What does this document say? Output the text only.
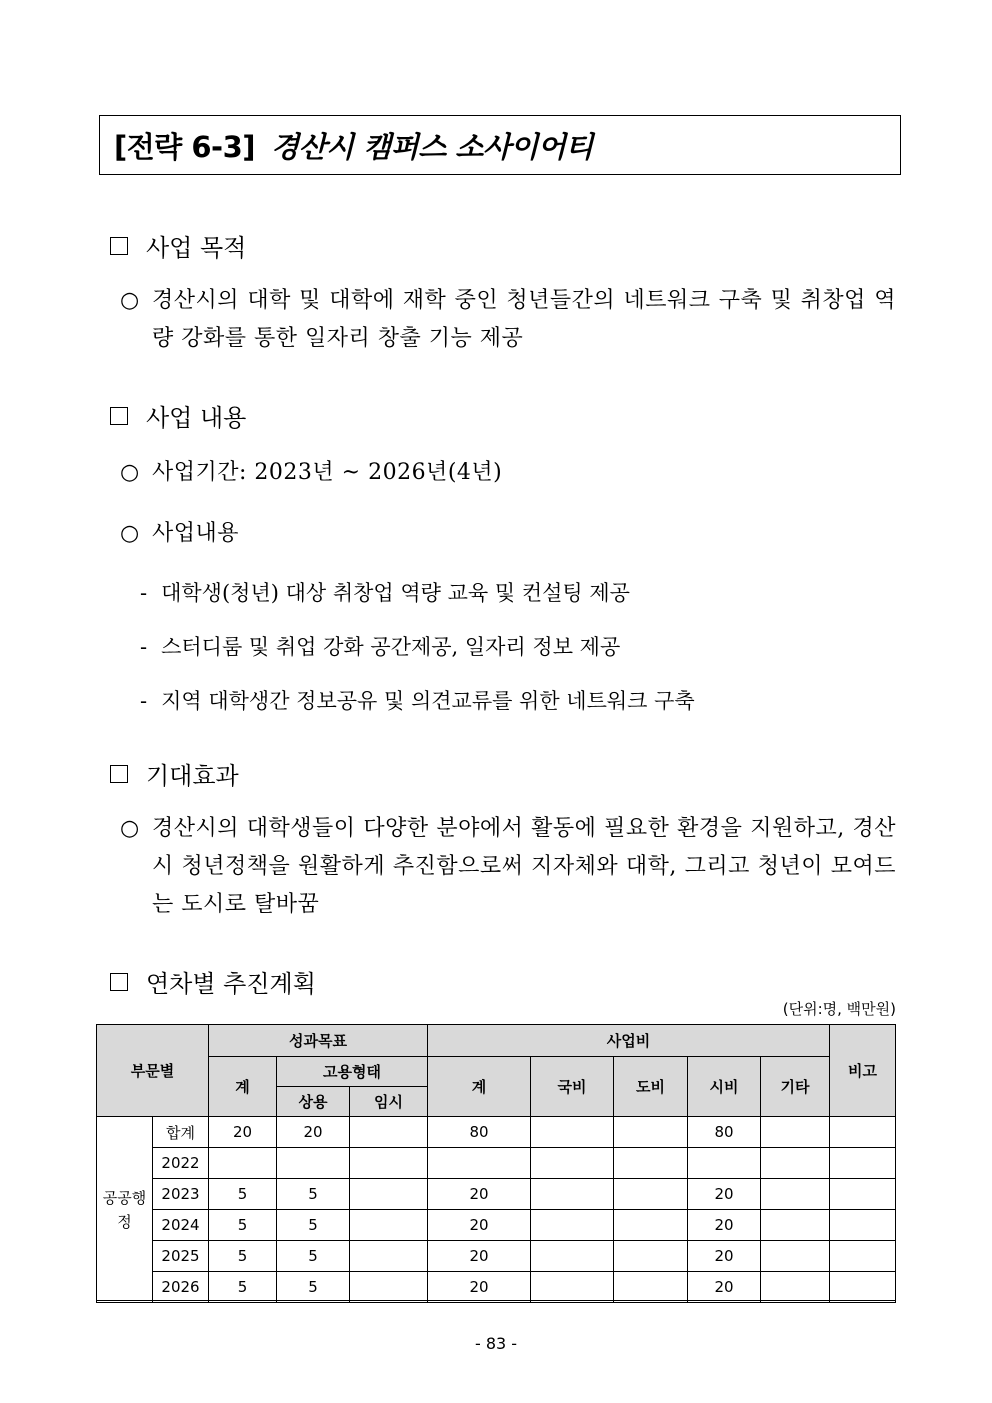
[전략 6-3] 경산시 캠퍼스 소사이어티
사업 목적
○ 경산시의 대학 및 대학에 재학 중인 청년들간의 네트워크 구축 및 취창업 역량 강화를 통한 일자리 창출 기능 제공
사업 내용
○ 사업기간: 2023년 ~ 2026년(4년)
○ 사업내용
- 대학생(청년) 대상 취창업 역량 교육 및 컨설팅 제공
- 스터디룸 및 취업 강화 공간제공, 일자리 정보 제공
- 지역 대학생간 정보공유 및 의견교류를 위한 네트워크 구축
기대효과
○ 경산시의 대학생들이 다양한 분야에서 활동에 필요한 환경을 지원하고, 경산시 청년정책을 원활하게 추진함으로써 지자체와 대학, 그리고 청년이 모여드는 도시로 탈바꿈
연차별 추진계획
(단위:명, 백만원)
부문별		성과목표			사업비					비고
		계	고용형태		계	국비	도비	시비	기타	
			상용	임시						
공공행정	합계	20	20		80			80		
	2022									
	2023	5	5		20			20		
	2024	5	5		20			20		
	2025	5	5		20			20		
	2026	5	5		20			20		
- 83 -
